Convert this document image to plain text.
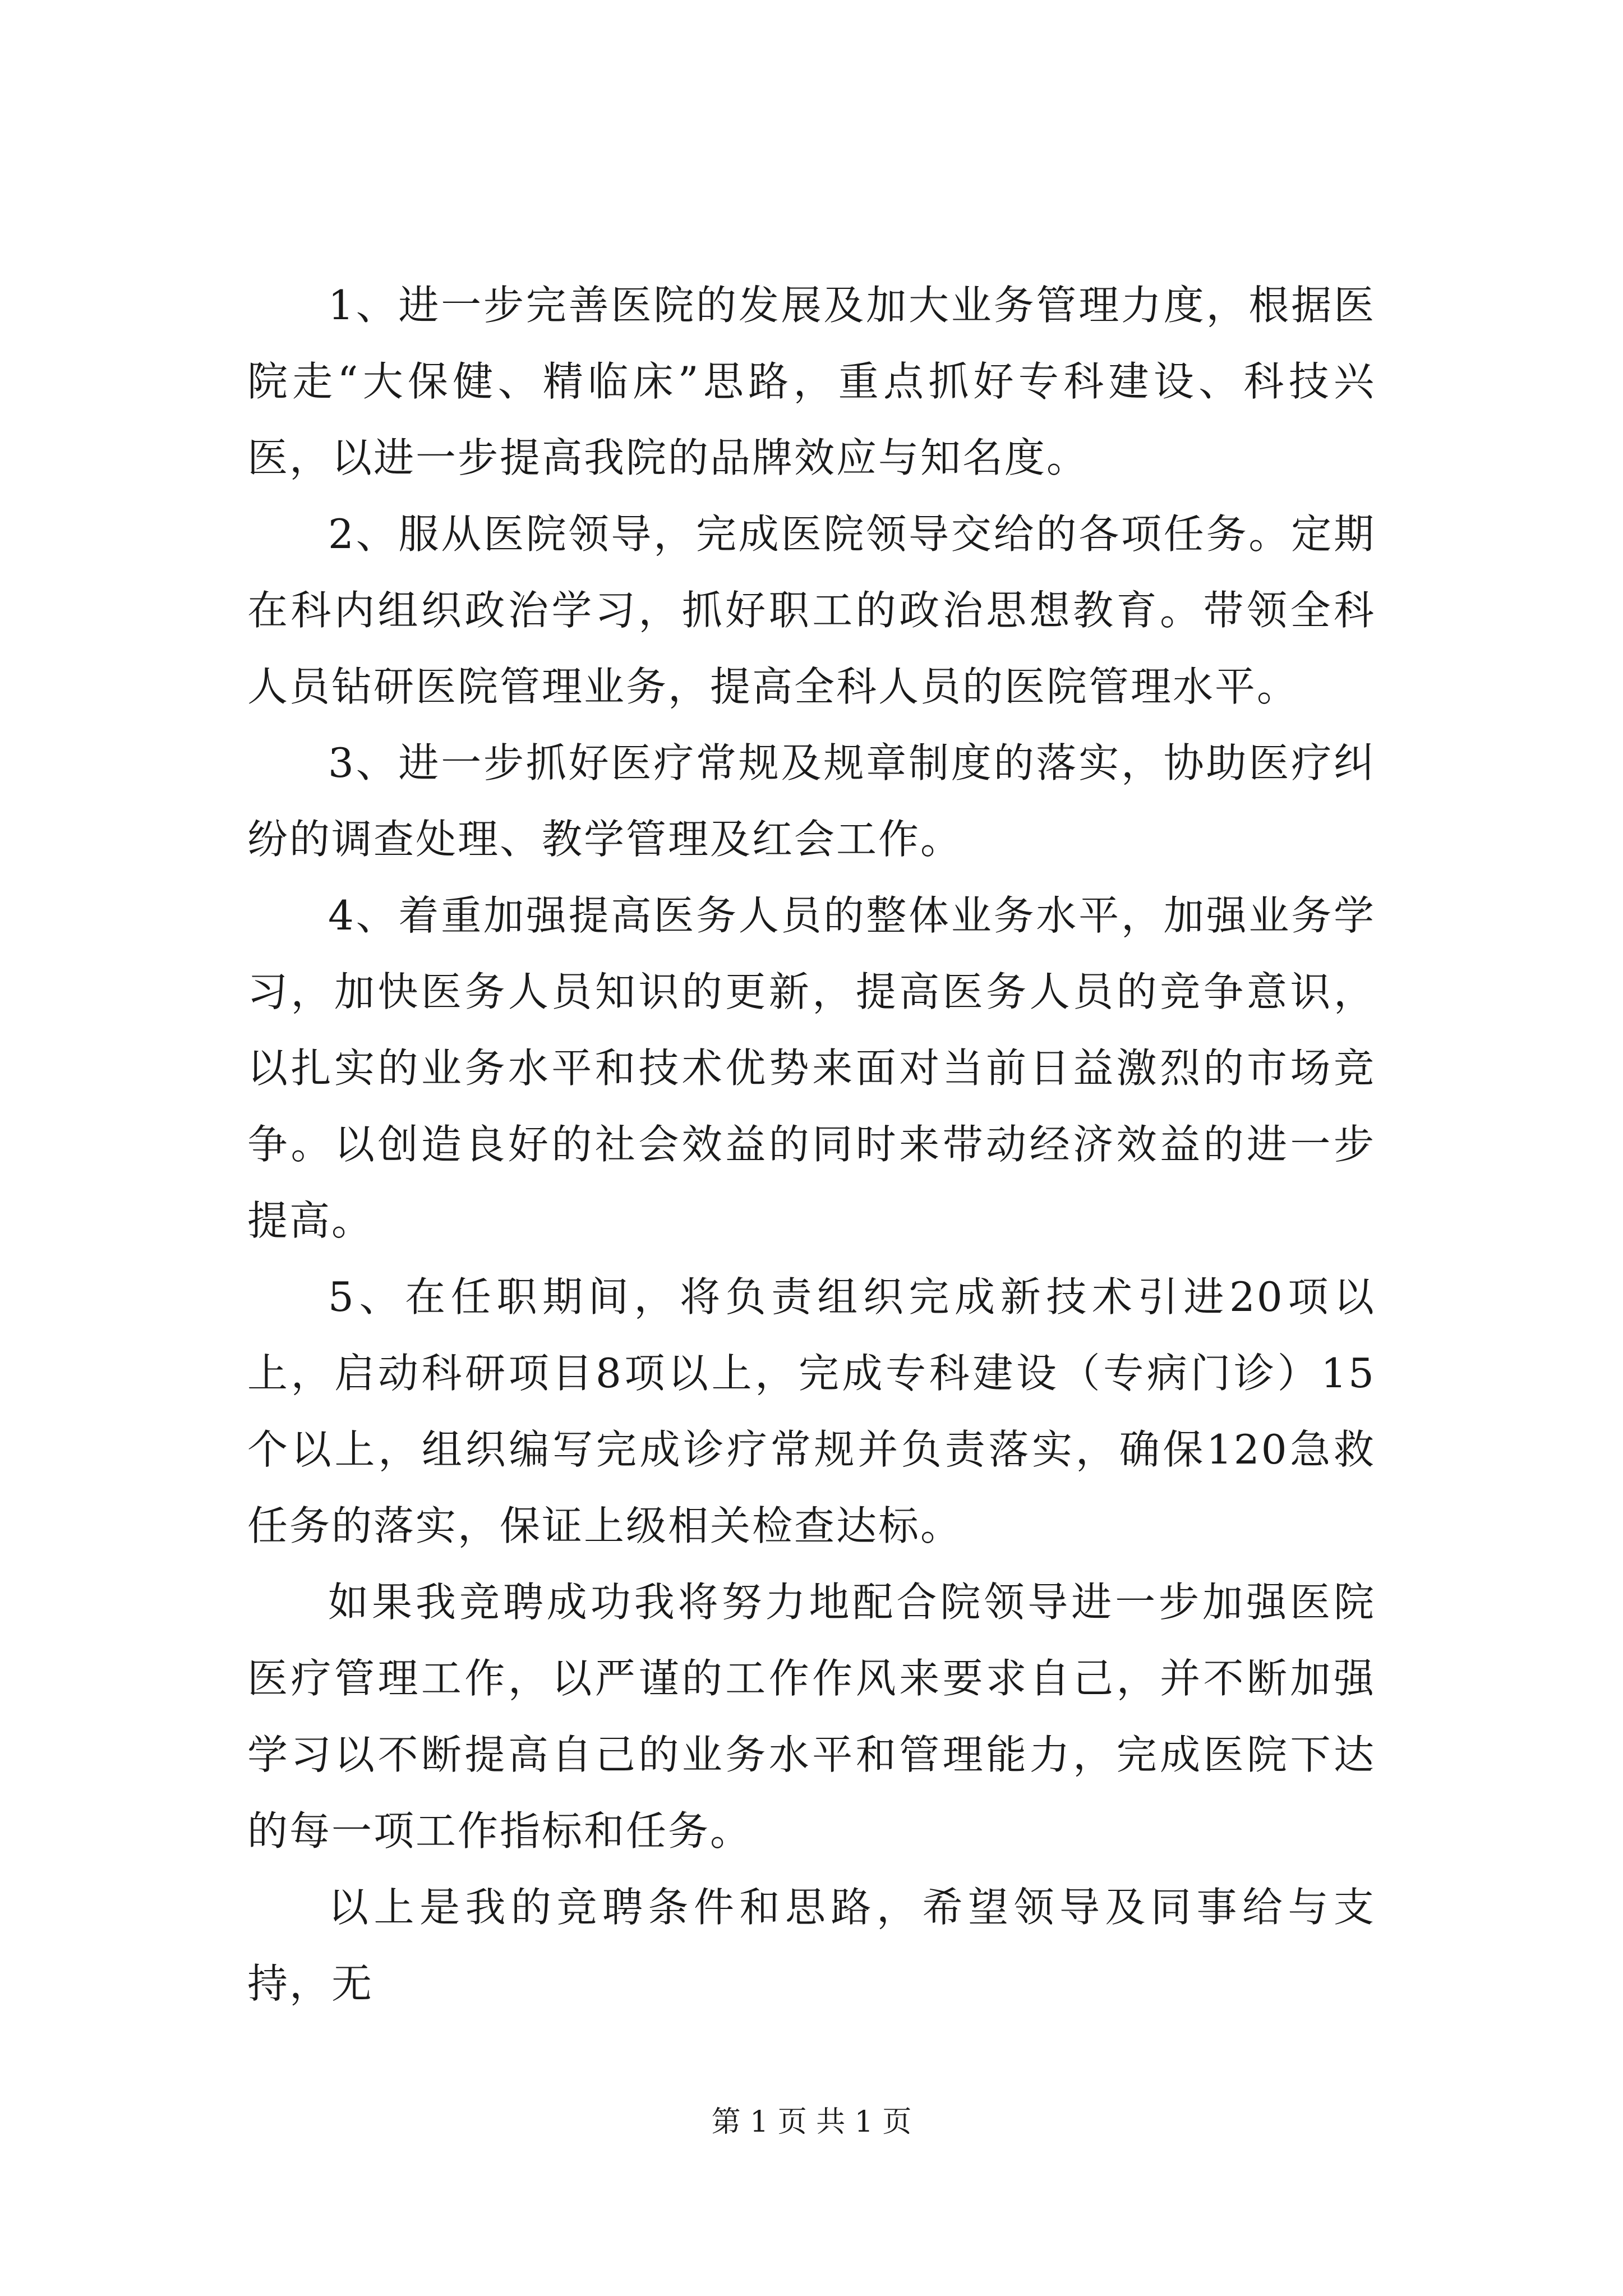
1、进一步完善医院的发展及加大业务管理力度，根据医院走“大保健、精临床”思路，重点抓好专科建设、科技兴医，以进一步提高我院的品牌效应与知名度。

2、服从医院领导，完成医院领导交给的各项任务。定期在科内组织政治学习，抓好职工的政治思想教育。带领全科人员钻研医院管理业务，提高全科人员的医院管理水平。

3、进一步抓好医疗常规及规章制度的落实，协助医疗纠纷的调查处理、教学管理及红会工作。

4、着重加强提高医务人员的整体业务水平，加强业务学习，加快医务人员知识的更新，提高医务人员的竞争意识，以扎实的业务水平和技术优势来面对当前日益激烈的市场竞争。以创造良好的社会效益的同时来带动经济效益的进一步提高。

5、在任职期间，将负责组织完成新技术引进20项以上，启动科研项目8项以上，完成专科建设（专病门诊）15个以上，组织编写完成诊疗常规并负责落实，确保120急救任务的落实，保证上级相关检查达标。

如果我竞聘成功我将努力地配合院领导进一步加强医院医疗管理工作，以严谨的工作作风来要求自己，并不断加强学习以不断提高自己的业务水平和管理能力，完成医院下达的每一项工作指标和任务。

以上是我的竞聘条件和思路，希望领导及同事给与支持，无

第 1 页 共 1 页
